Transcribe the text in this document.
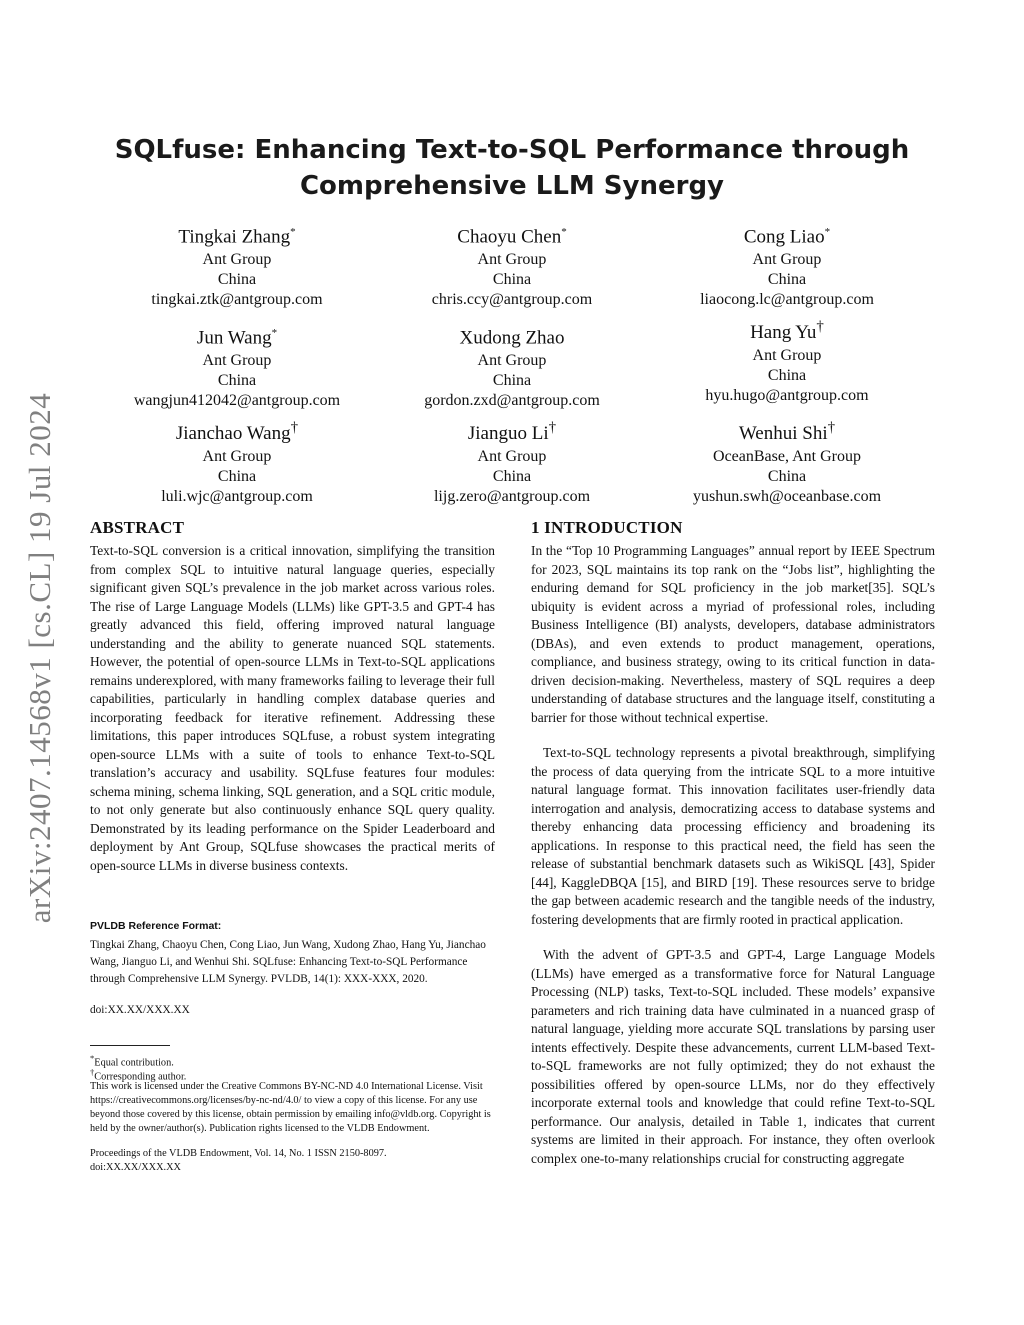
arXiv:2407.14568v1 [cs.CL] 19 Jul 2024
SQLfuse: Enhancing Text-to-SQL Performance through Comprehensive LLM Synergy
Tingkai Zhang*
Ant Group
China
tingkai.ztk@antgroup.com
Chaoyu Chen*
Ant Group
China
chris.ccy@antgroup.com
Cong Liao*
Ant Group
China
liaocong.lc@antgroup.com
Jun Wang*
Ant Group
China
wangjun412042@antgroup.com
Xudong Zhao
Ant Group
China
gordon.zxd@antgroup.com
Hang Yu†
Ant Group
China
hyu.hugo@antgroup.com
Jianchao Wang†
Ant Group
China
luli.wjc@antgroup.com
Jianguo Li†
Ant Group
China
lijg.zero@antgroup.com
Wenhui Shi†
OceanBase, Ant Group
China
yushun.swh@oceanbase.com
ABSTRACT

Text-to-SQL conversion is a critical innovation, simplifying the transition from complex SQL to intuitive natural language queries, especially significant given SQL’s prevalence in the job market across various roles. The rise of Large Language Models (LLMs) like GPT-3.5 and GPT-4 has greatly advanced this field, offering improved natural language understanding and the ability to generate nuanced SQL statements. However, the potential of open-source LLMs in Text-to-SQL applications remains underexplored, with many frameworks failing to leverage their full capabilities, particularly in handling complex database queries and incorporating feedback for iterative refinement. Addressing these limitations, this paper introduces SQLfuse, a robust system integrating open-source LLMs with a suite of tools to enhance Text-to-SQL translation’s accuracy and usability. SQLfuse features four modules: schema mining, schema linking, SQL generation, and a SQL critic module, to not only generate but also continuously enhance SQL query quality. Demonstrated by its leading performance on the Spider Leaderboard and deployment by Ant Group, SQLfuse showcases the practical merits of open-source LLMs in diverse business contexts.

PVLDB Reference Format:

Tingkai Zhang, Chaoyu Chen, Cong Liao, Jun Wang, Xudong Zhao, Hang Yu, Jianchao Wang, Jianguo Li, and Wenhui Shi. SQLfuse: Enhancing Text-to-SQL Performance through Comprehensive LLM Synergy. PVLDB, 14(1): XXX-XXX, 2020.

doi:XX.XX/XXX.XX

*Equal contribution.

†Corresponding author.

This work is licensed under the Creative Commons BY-NC-ND 4.0 International License. Visit https://creativecommons.org/licenses/by-nc-nd/4.0/ to view a copy of this license. For any use beyond those covered by this license, obtain permission by emailing info@vldb.org. Copyright is held by the owner/author(s). Publication rights licensed to the VLDB Endowment.

Proceedings of the VLDB Endowment, Vol. 14, No. 1 ISSN 2150-8097.

doi:XX.XX/XXX.XX

1 INTRODUCTION

In the “Top 10 Programming Languages” annual report by IEEE Spectrum for 2023, SQL maintains its top rank on the “Jobs list”, highlighting the enduring demand for SQL proficiency in the job market[35]. SQL’s ubiquity is evident across a myriad of professional roles, including Business Intelligence (BI) analysts, developers, database administrators (DBAs), and even extends to product management, operations, compliance, and business strategy, owing to its critical function in data-driven decision-making. Nevertheless, mastery of SQL requires a deep understanding of database structures and the language itself, constituting a barrier for those without technical expertise.

Text-to-SQL technology represents a pivotal breakthrough, simplifying the process of data querying from the intricate SQL to a more intuitive natural language format. This innovation facilitates user-friendly data interrogation and analysis, democratizing access to database systems and thereby enhancing data processing efficiency and broadening its applications. In response to this practical need, the field has seen the release of substantial benchmark datasets such as WikiSQL [43], Spider [44], KaggleDBQA [15], and BIRD [19]. These resources serve to bridge the gap between academic research and the tangible needs of the industry, fostering developments that are firmly rooted in practical application.

With the advent of GPT-3.5 and GPT-4, Large Language Models (LLMs) have emerged as a transformative force for Natural Language Processing (NLP) tasks, Text-to-SQL included. These models’ expansive parameters and rich training data have culminated in a nuanced grasp of natural language, yielding more accurate SQL translations by parsing user intents effectively. Despite these advancements, current LLM-based Text-to-SQL frameworks are not fully optimized; they do not exhaust the possibilities offered by open-source LLMs, nor do they effectively incorporate external tools and knowledge that could refine Text-to-SQL performance. Our analysis, detailed in Table 1, indicates that current systems are limited in their approach. For instance, they often overlook complex one-to-many relationships crucial for constructing aggregate
